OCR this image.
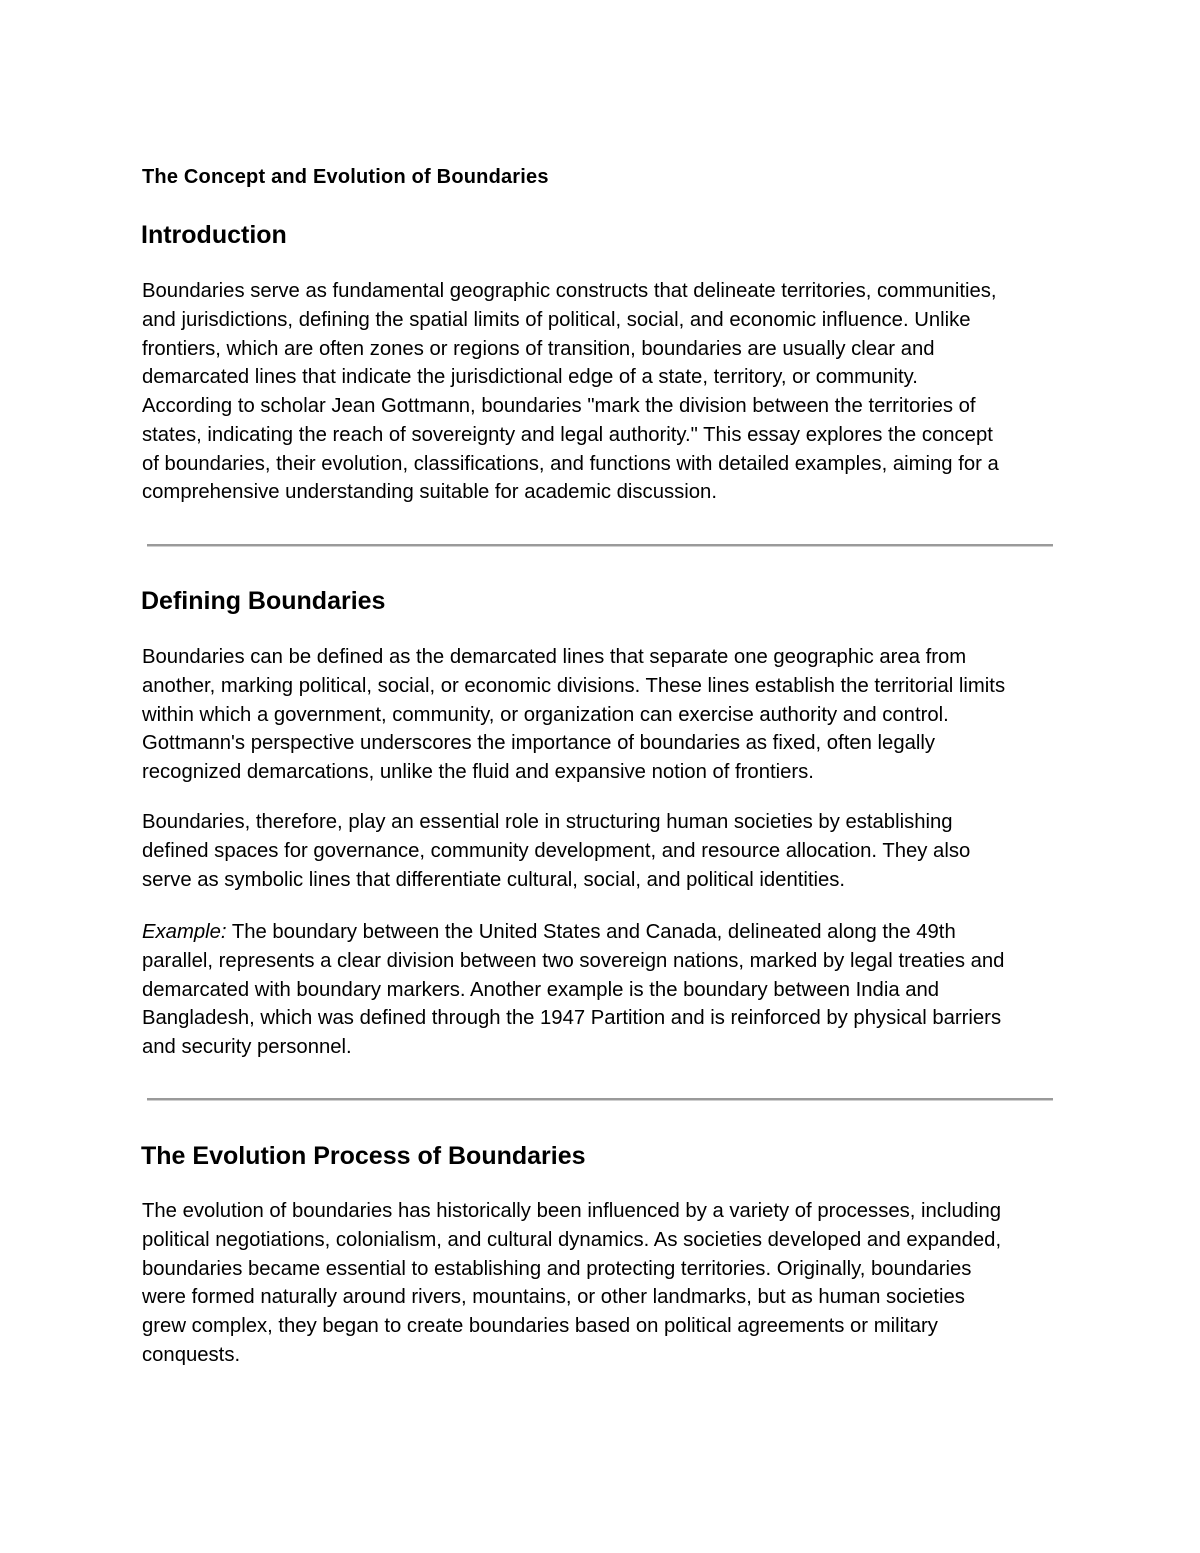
The Concept and Evolution of Boundaries
Introduction
Boundaries serve as fundamental geographic constructs that delineate territories, communities,
and jurisdictions, defining the spatial limits of political, social, and economic influence. Unlike
frontiers, which are often zones or regions of transition, boundaries are usually clear and
demarcated lines that indicate the jurisdictional edge of a state, territory, or community.
According to scholar Jean Gottmann, boundaries "mark the division between the territories of
states, indicating the reach of sovereignty and legal authority." This essay explores the concept
of boundaries, their evolution, classifications, and functions with detailed examples, aiming for a
comprehensive understanding suitable for academic discussion.
Defining Boundaries
Boundaries can be defined as the demarcated lines that separate one geographic area from
another, marking political, social, or economic divisions. These lines establish the territorial limits
within which a government, community, or organization can exercise authority and control.
Gottmann's perspective underscores the importance of boundaries as fixed, often legally
recognized demarcations, unlike the fluid and expansive notion of frontiers.
Boundaries, therefore, play an essential role in structuring human societies by establishing
defined spaces for governance, community development, and resource allocation. They also
serve as symbolic lines that differentiate cultural, social, and political identities.
Example: The boundary between the United States and Canada, delineated along the 49th
parallel, represents a clear division between two sovereign nations, marked by legal treaties and
demarcated with boundary markers. Another example is the boundary between India and
Bangladesh, which was defined through the 1947 Partition and is reinforced by physical barriers
and security personnel.
The Evolution Process of Boundaries
The evolution of boundaries has historically been influenced by a variety of processes, including
political negotiations, colonialism, and cultural dynamics. As societies developed and expanded,
boundaries became essential to establishing and protecting territories. Originally, boundaries
were formed naturally around rivers, mountains, or other landmarks, but as human societies
grew complex, they began to create boundaries based on political agreements or military
conquests.
